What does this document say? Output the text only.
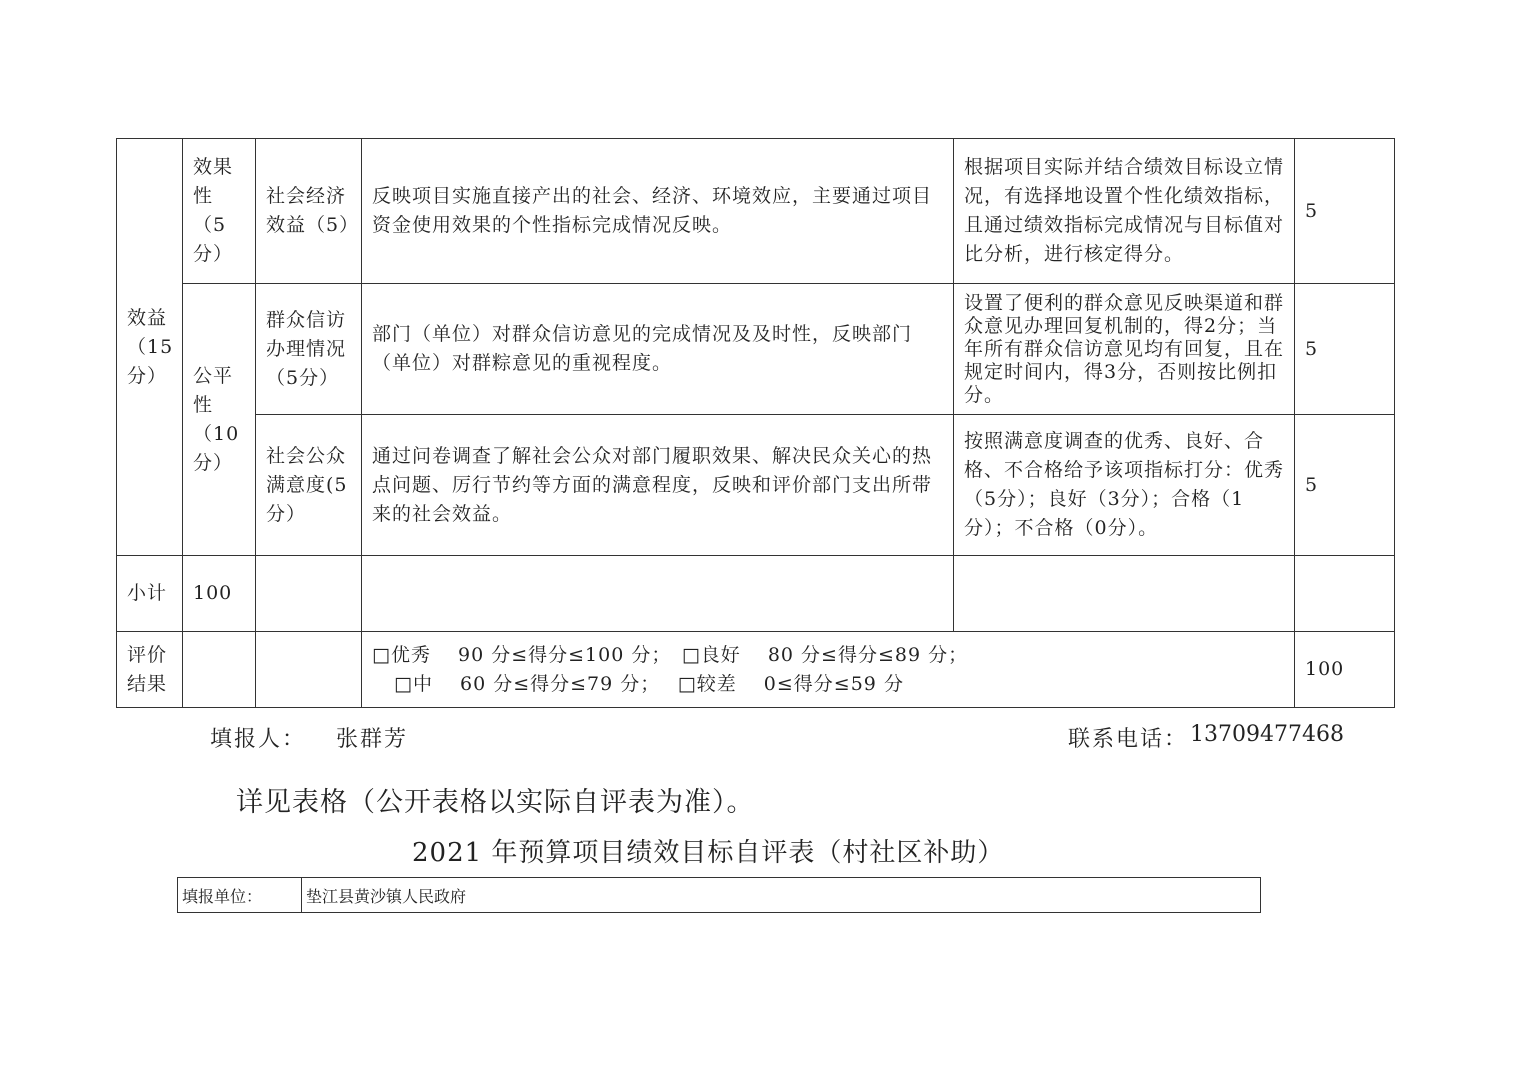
效益（15分）	效果性（5分）	社会经济效益（5）	反映项目实施直接产出的社会、经济、环境效应，主要通过项目资金使用效果的个性指标完成情况反映。	根据项目实际并结合绩效目标设立情况，有选择地设置个性化绩效指标，且通过绩效指标完成情况与目标值对比分析，进行核定得分。	5
	公平性（10分）	群众信访办理情况（5分）	部门（单位）对群众信访意见的完成情况及及时性，反映部门（单位）对群粽意见的重视程度。	设置了便利的群众意见反映渠道和群众意见办理回复机制的，得2分；当年所有群众信访意见均有回复，且在规定时间内，得3分，否则按比例扣分。	5
		社会公众满意度(5分）	通过问卷调查了解社会公众对部门履职效果、解决民众关心的热点问题、厉行节约等方面的满意程度，反映和评价部门支出所带来的社会效益。	按照满意度调查的优秀、良好、合格、不合格给予该项指标打分：优秀（5分）；良好（3分）；合格（1分）；不合格（0分）。	5
小计	100				
评价结果			□优秀　 90 分≤得分≤100 分；　□良好　 80 分≤得分≤89 分；
□中　 60 分≤得分≤79 分；　 □较差　 0≤得分≤59 分		100
填报人： 张群芳	联系电话： 13709477468
详见表格（公开表格以实际自评表为准）。
2021 年预算项目绩效目标自评表（村社区补助）
填报单位：	垫江县黄沙镇人民政府
